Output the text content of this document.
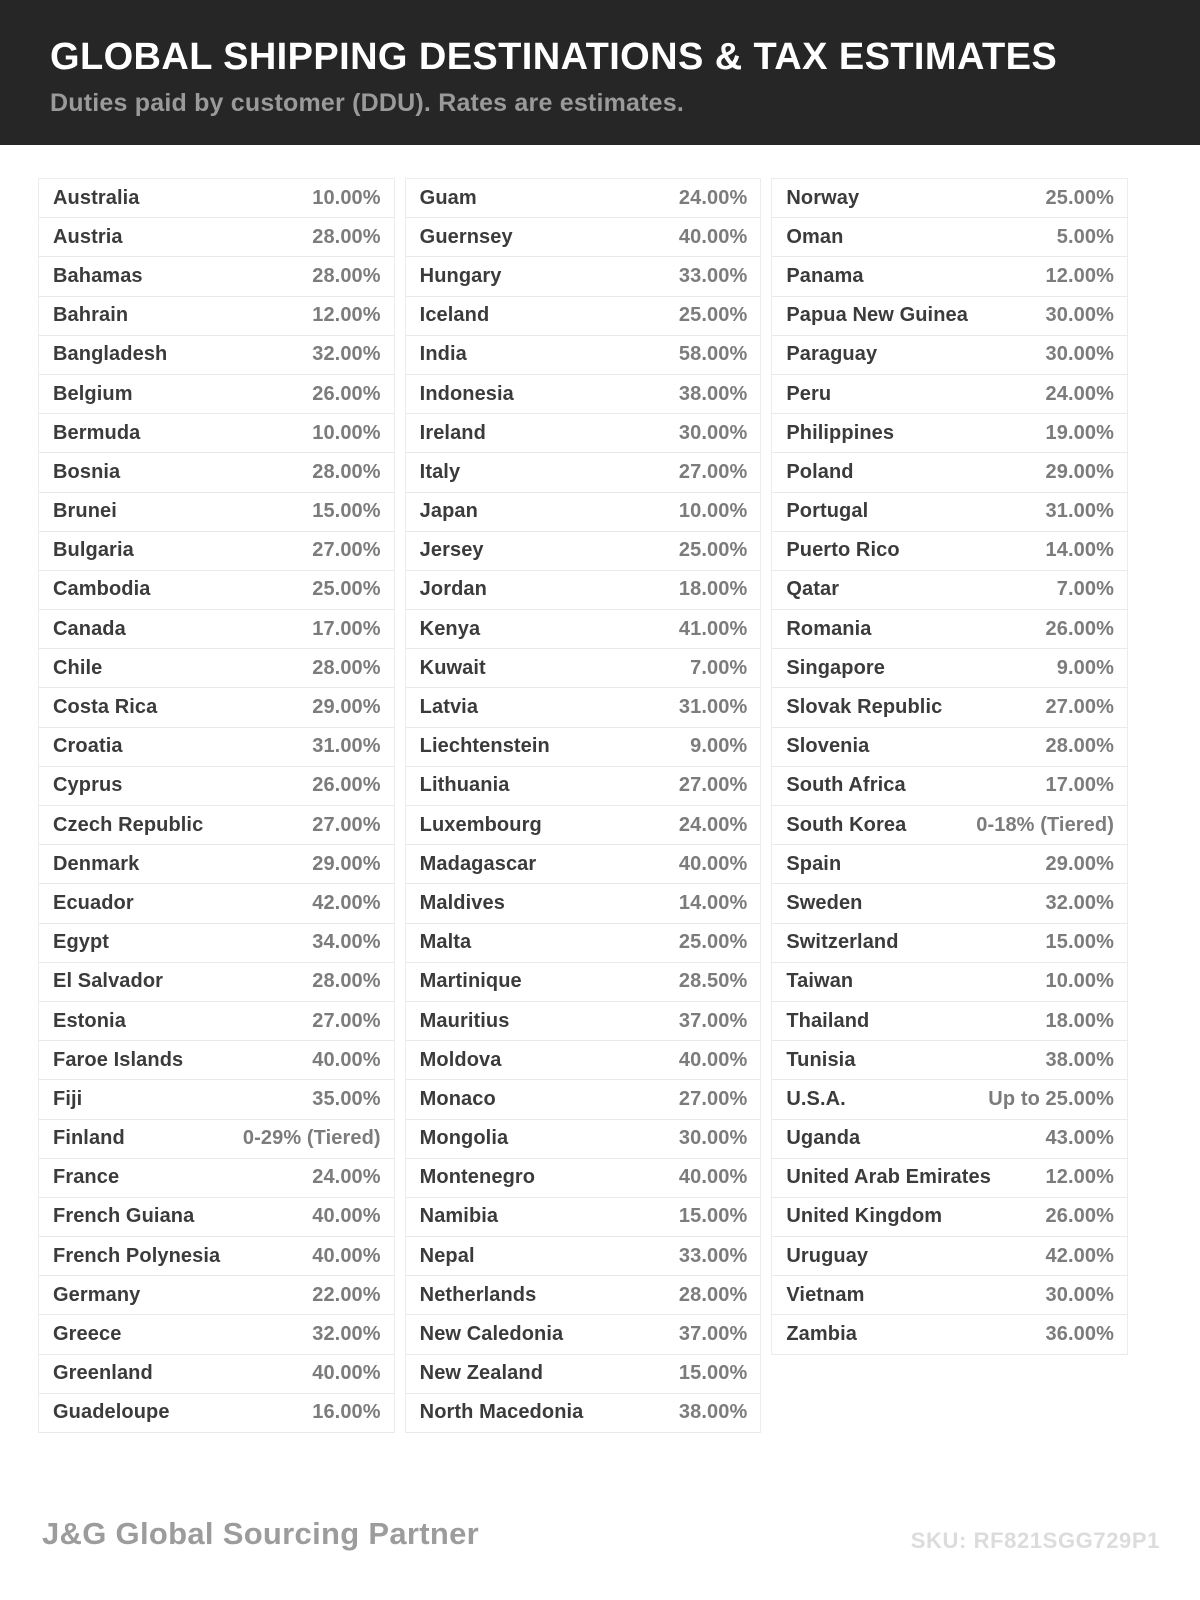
GLOBAL SHIPPING DESTINATIONS & TAX ESTIMATES
Duties paid by customer (DDU). Rates are estimates.
Australia	10.00%
Austria	28.00%
Bahamas	28.00%
Bahrain	12.00%
Bangladesh	32.00%
Belgium	26.00%
Bermuda	10.00%
Bosnia	28.00%
Brunei	15.00%
Bulgaria	27.00%
Cambodia	25.00%
Canada	17.00%
Chile	28.00%
Costa Rica	29.00%
Croatia	31.00%
Cyprus	26.00%
Czech Republic	27.00%
Denmark	29.00%
Ecuador	42.00%
Egypt	34.00%
El Salvador	28.00%
Estonia	27.00%
Faroe Islands	40.00%
Fiji	35.00%
Finland	0-29% (Tiered)
France	24.00%
French Guiana	40.00%
French Polynesia	40.00%
Germany	22.00%
Greece	32.00%
Greenland	40.00%
Guadeloupe	16.00%
Guam	24.00%
Guernsey	40.00%
Hungary	33.00%
Iceland	25.00%
India	58.00%
Indonesia	38.00%
Ireland	30.00%
Italy	27.00%
Japan	10.00%
Jersey	25.00%
Jordan	18.00%
Kenya	41.00%
Kuwait	7.00%
Latvia	31.00%
Liechtenstein	9.00%
Lithuania	27.00%
Luxembourg	24.00%
Madagascar	40.00%
Maldives	14.00%
Malta	25.00%
Martinique	28.50%
Mauritius	37.00%
Moldova	40.00%
Monaco	27.00%
Mongolia	30.00%
Montenegro	40.00%
Namibia	15.00%
Nepal	33.00%
Netherlands	28.00%
New Caledonia	37.00%
New Zealand	15.00%
North Macedonia	38.00%
Norway	25.00%
Oman	5.00%
Panama	12.00%
Papua New Guinea	30.00%
Paraguay	30.00%
Peru	24.00%
Philippines	19.00%
Poland	29.00%
Portugal	31.00%
Puerto Rico	14.00%
Qatar	7.00%
Romania	26.00%
Singapore	9.00%
Slovak Republic	27.00%
Slovenia	28.00%
South Africa	17.00%
South Korea	0-18% (Tiered)
Spain	29.00%
Sweden	32.00%
Switzerland	15.00%
Taiwan	10.00%
Thailand	18.00%
Tunisia	38.00%
U.S.A.	Up to 25.00%
Uganda	43.00%
United Arab Emirates	12.00%
United Kingdom	26.00%
Uruguay	42.00%
Vietnam	30.00%
Zambia	36.00%
J&G Global Sourcing Partner	SKU: RF821SGG729P1
